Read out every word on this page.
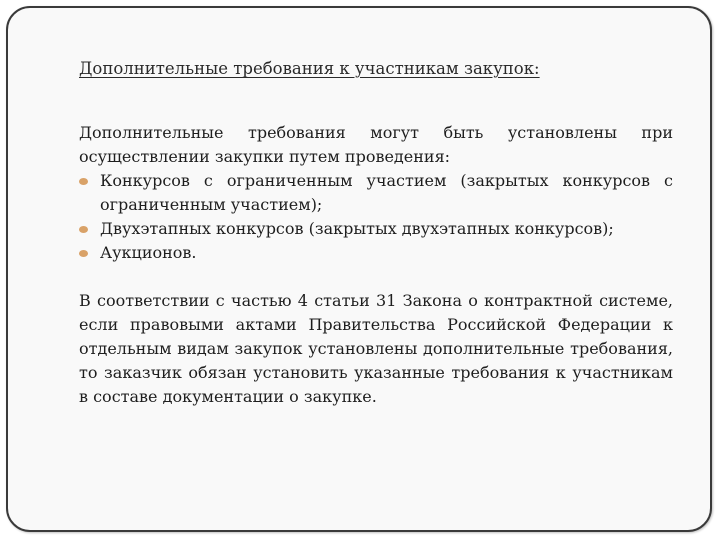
Дополнительные требования к участникам закупок:

Дополнительные требования могут быть установлены при осуществлении закупки путем проведения:

Конкурсов с ограниченным участием (закрытых конкурсов с ограниченным участием);
Двухэтапных конкурсов (закрытых двухэтапных конкурсов);
Аукционов.

В соответствии с частью 4 статьи 31 Закона о контрактной системе, если правовыми актами Правительства Российской Федерации к отдельным видам закупок установлены дополнительные требования, то заказчик обязан установить указанные требования к участникам в составе документации о закупке.
